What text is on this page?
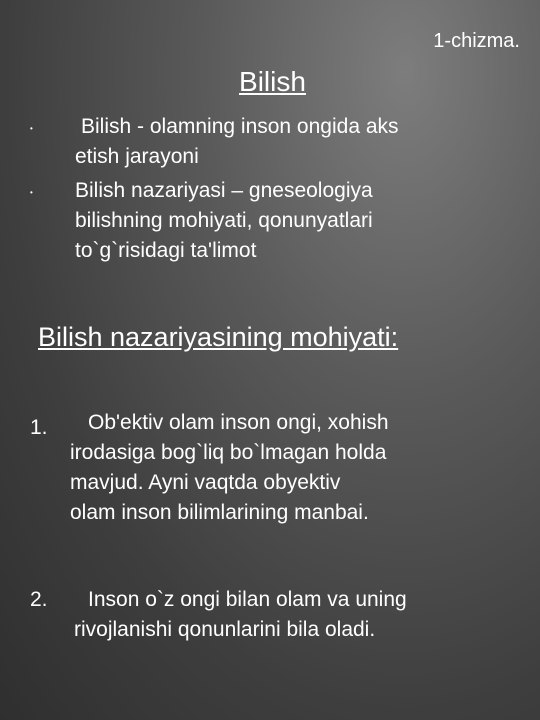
1-chizma.
Bilish
• Bilish - olamning inson ongida aks
etish jarayoni
• Bilish nazariyasi – gneseologiya
bilishning mohiyati, qonunyatlari
to`g`risidagi ta'limot
Bilish nazariyasining mohiyati:
1.	Ob'ektiv olam inson ongi, xohish
irodasiga bog`liq bo`lmagan holda
mavjud. Ayni vaqtda obyektiv
olam inson bilimlarining manbai.
2.	Inson o`z ongi bilan olam va uning
rivojlanishi qonunlarini bila oladi.
